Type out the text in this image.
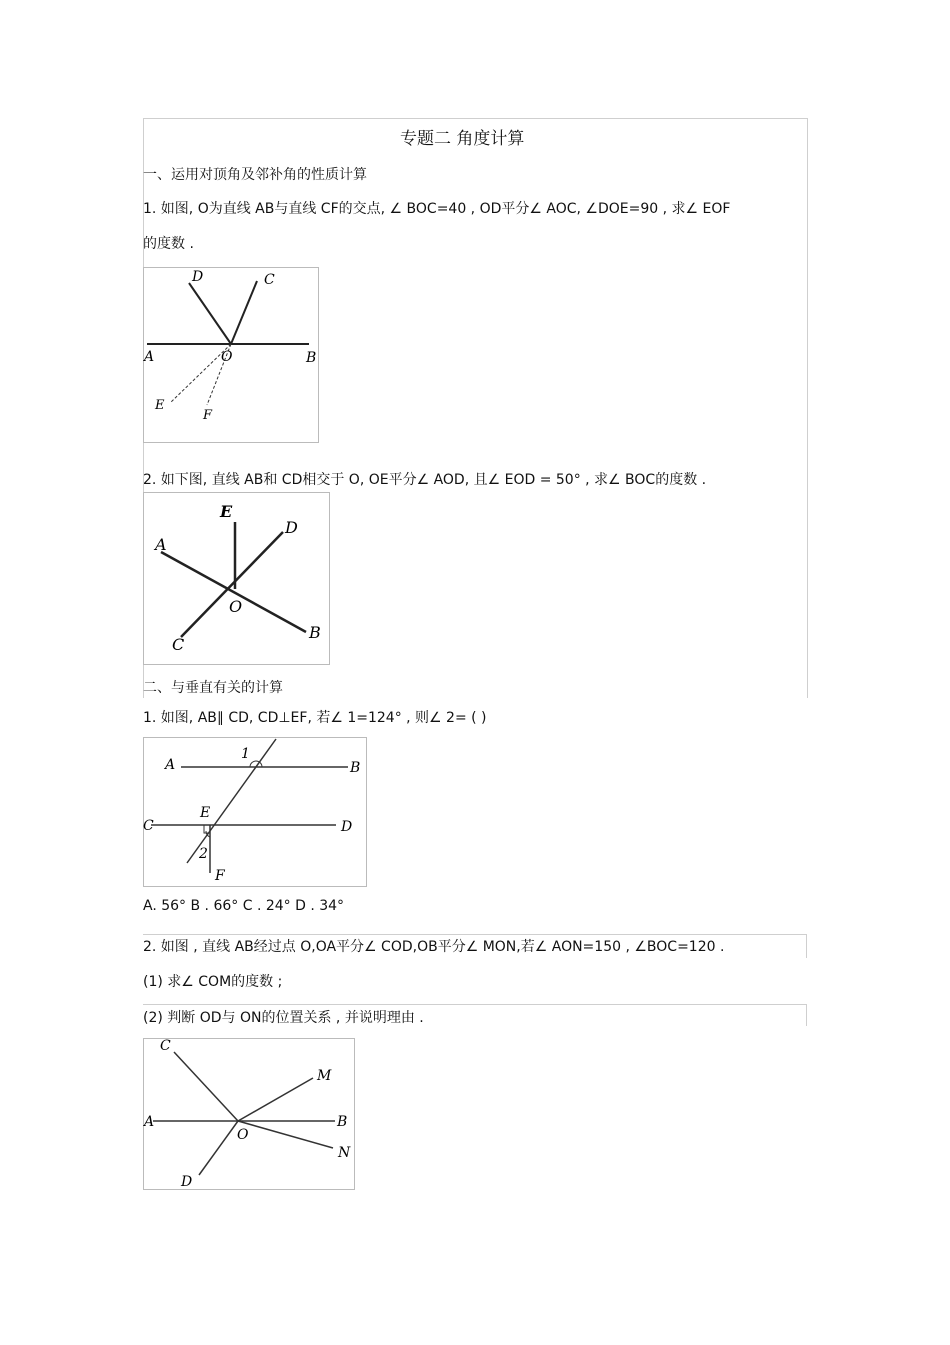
专题二 角度计算
一、运用对顶角及邻补角的性质计算
1. 如图, O为直线 AB与直线 CF的交点, ∠ BOC=40 , OD平分∠ AOC, ∠DOE=90 , 求∠ EOF
的度数 .
D	C
A	O	B
E
F
2. 如下图, 直线 AB和 CD相交于 O, OE平分∠ AOD, 且∠ EOD = 50° , 求∠ BOC的度数 .
E
D
A
O
B
C
二、与垂直有关的计算
1. 如图, AB∥ CD, CD⊥EF, 若∠ 1=124° , 则∠ 2= ( )
1
A	B
E
C	D
2
F
A. 56° B . 66° C . 24° D . 34°
2. 如图 , 直线 AB经过点 O,OA平分∠ COD,OB平分∠ MON,若∠ AON=150 , ∠BOC=120 .
(1) 求∠ COM的度数 ;
(2) 判断 OD与 ON的位置关系 , 并说明理由 .
C
M
A
O
B
N
D
